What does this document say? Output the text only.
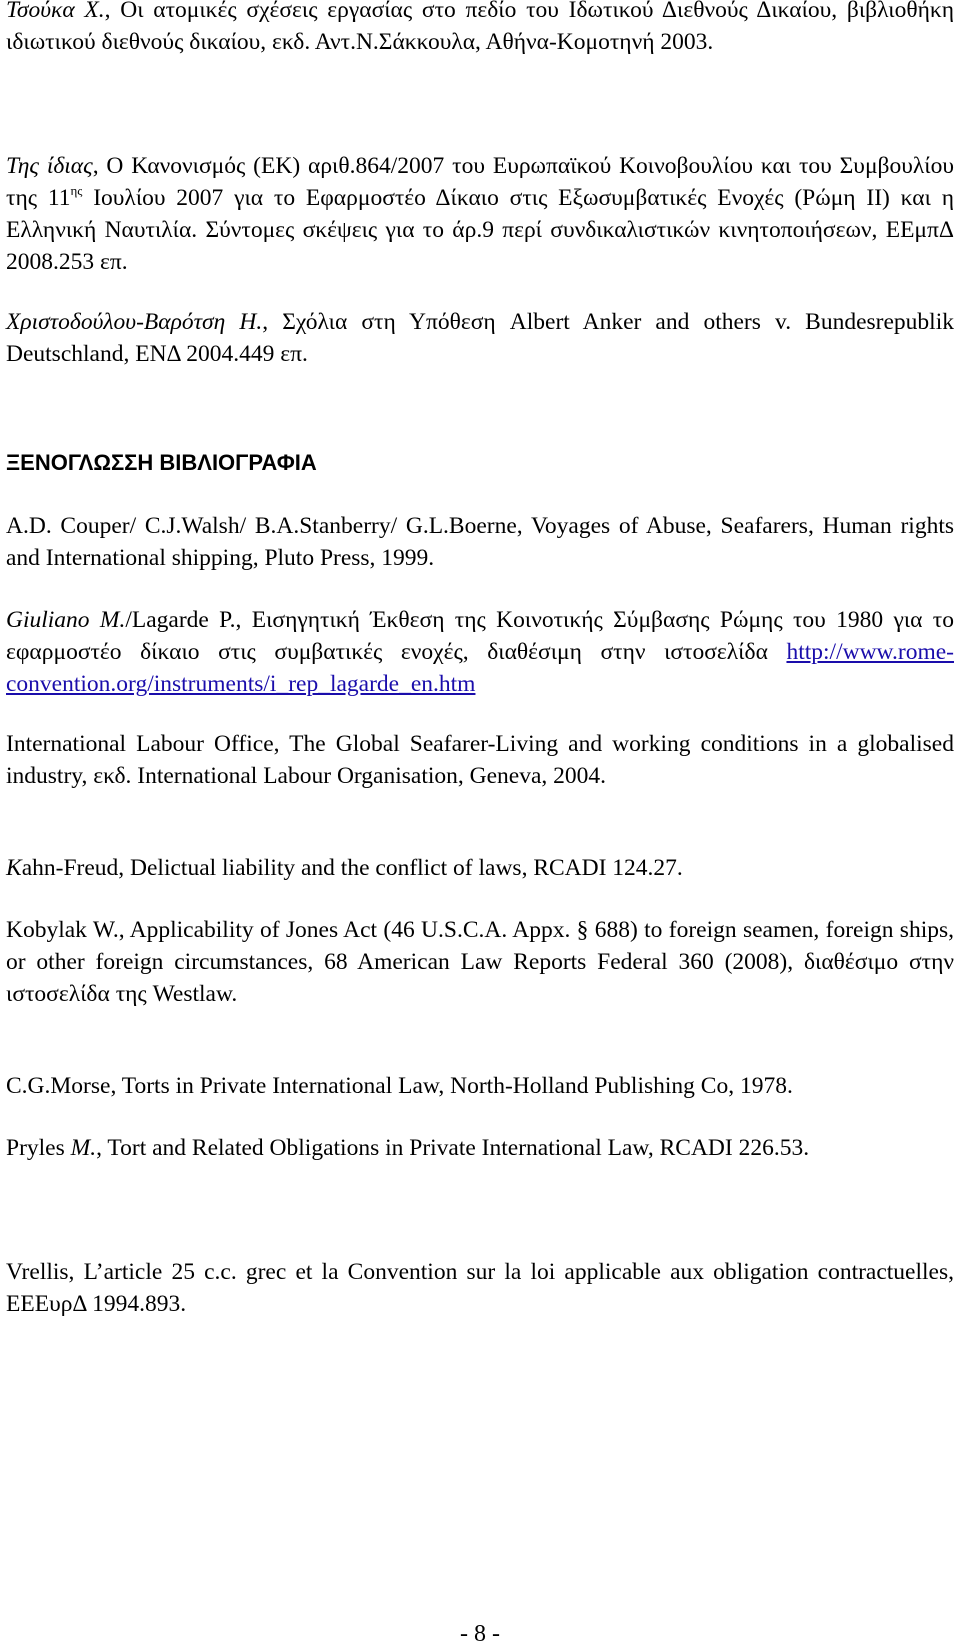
Τσούκα Χ., Οι ατομικές σχέσεις εργασίας στο πεδίο του Ιδωτικού Διεθνούς Δικαίου, βιβλιοθήκη ιδιωτικού διεθνούς δικαίου, εκδ. Αντ.Ν.Σάκκουλα, Αθήνα-Κομοτηνή 2003.

Της ίδιας, Ο Κανονισμός (ΕΚ) αριθ.864/2007 του Ευρωπαϊκού Κοινοβουλίου και του Συμβουλίου της $11^{\eta\varsigma}$ Ιουλίου 2007 για το Εφαρμοστέο Δίκαιο στις Εξωσυμβατικές Ενοχές (Ρώμη ΙΙ) και η Ελληνική Ναυτιλία. Σύντομες σκέψεις για το άρ.9 περί συνδικαλιστικών κινητοποιήσεων, ΕΕμπΔ 2008.253 επ.

Χριστοδούλου-Βαρότση Η., Σχόλια στη Υπόθεση Albert Anker and others v. Bundesrepublik Deutschland, ΕΝΔ 2004.449 επ.

ΞΕΝΟΓΛΩΣΣΗ ΒΙΒΛΙΟΓΡΑΦΙΑ

A.D. Couper/ C.J.Walsh/ B.A.Stanberry/ G.L.Boerne, Voyages of Abuse, Seafarers, Human rights and International shipping, Pluto Press, 1999.

Giuliano M./Lagarde P., Εισηγητική Έκθεση της Κοινοτικής Σύμβασης Ρώμης του 1980 για το εφαρμοστέο δίκαιο στις συμβατικές ενοχές, διαθέσιμη στην ιστοσελίδα http://www.rome-convention.org/instruments/i_rep_lagarde_en.htm

International Labour Office, The Global Seafarer-Living and working conditions in a globalised industry, εκδ. International Labour Organisation, Geneva, 2004.

Kahn-Freud, Delictual liability and the conflict of laws, RCADI 124.27.

Kobylak W., Applicability of Jones Act (46 U.S.C.A. Appx. § 688) to foreign seamen, foreign ships, or other foreign circumstances, 68 American Law Reports Federal 360 (2008), διαθέσιμο στην ιστοσελίδα της Westlaw.

C.G.Morse, Torts in Private International Law, North-Holland Publishing Co, 1978.

Pryles M., Tort and Related Obligations in Private International Law, RCADI 226.53.

Vrellis, L’article 25 c.c. grec et la Convention sur la loi applicable aux obligation contractuelles, ΕΕΕυρΔ 1994.893.

- 8 -
